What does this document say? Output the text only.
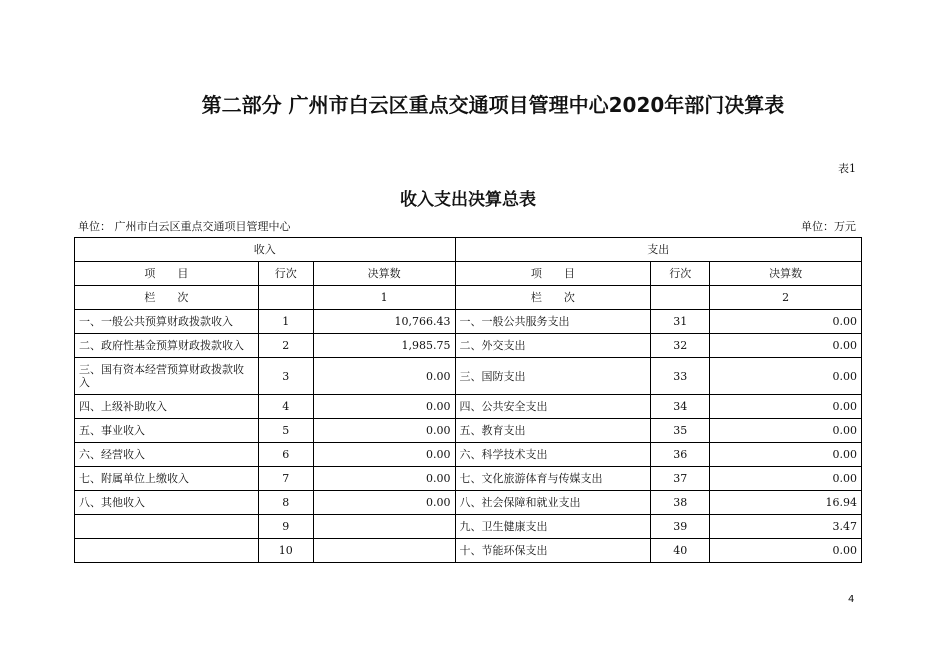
第二部分 广州市白云区重点交通项目管理中心2020年部门决算表
表1
收入支出决算总表
单位： 广州市白云区重点交通项目管理中心	单位：万元
收入			支出		
项　　目	行次	决算数	项　　目	行次	决算数
栏　　次		1	栏　　次		2
一、一般公共预算财政拨款收入	1	10,766.43	一、一般公共服务支出	31	0.00
二、政府性基金预算财政拨款收入	2	1,985.75	二、外交支出	32	0.00
三、国有资本经营预算财政拨款收入	3	0.00	三、国防支出	33	0.00
四、上级补助收入	4	0.00	四、公共安全支出	34	0.00
五、事业收入	5	0.00	五、教育支出	35	0.00
六、经营收入	6	0.00	六、科学技术支出	36	0.00
七、附属单位上缴收入	7	0.00	七、文化旅游体育与传媒支出	37	0.00
八、其他收入	8	0.00	八、社会保障和就业支出	38	16.94
	9		九、卫生健康支出	39	3.47
	10		十、节能环保支出	40	0.00
4
